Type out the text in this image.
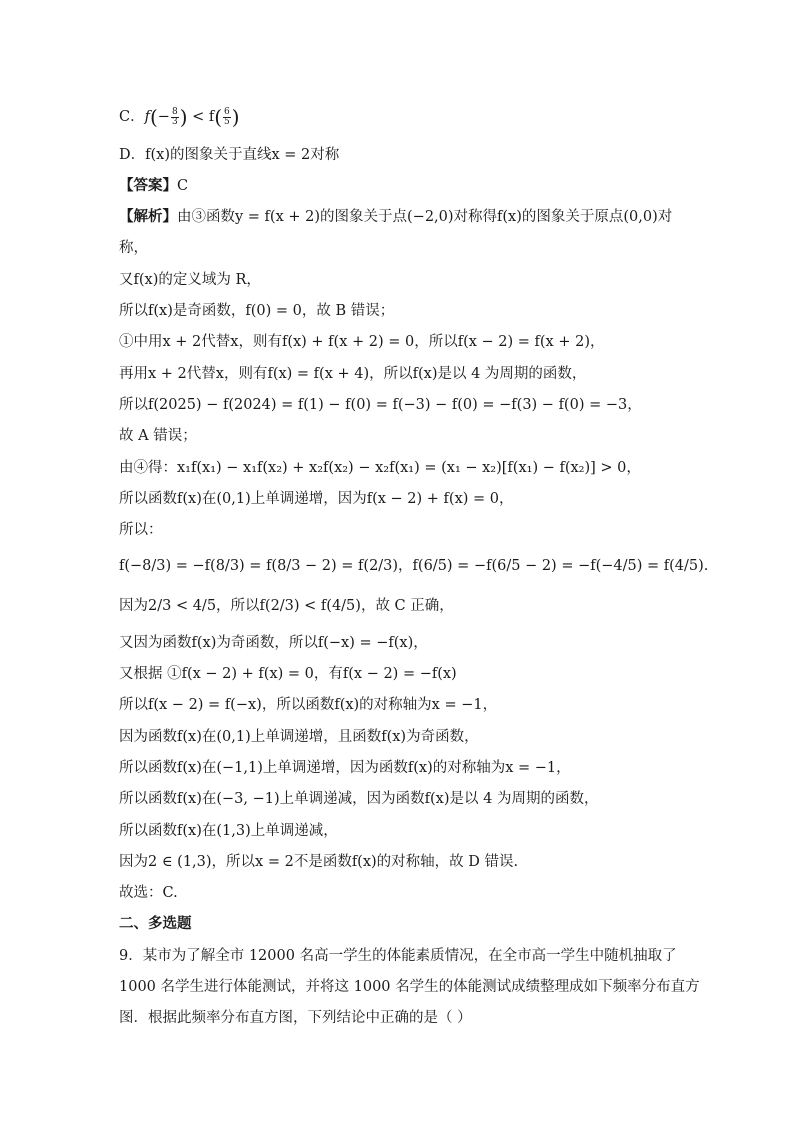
C．$f(- \frac{8}{3}$ ) < $f( \frac{6}{5}$ )
D．f(x)的图象关于直线x = 2对称
【答案】C
【解析】由③函数y = f(x + 2)的图象关于点(−2,0)对称得f(x)的图象关于原点(0,0)对
称，
又f(x)的定义域为 R，
所以f(x)是奇函数，f(0) = 0，故 B 错误；
①中用x + 2代替x，则有f(x) + f(x + 2) = 0，所以f(x − 2) = f(x + 2)，
再用x + 2代替x，则有f(x) = f(x + 4)，所以f(x)是以 4 为周期的函数，
所以f(2025) − f(2024) = f(1) − f(0) = f(−3) − f(0) = −f(3) − f(0) = −3，
故 A 错误；
由④得：x₁f(x₁) − x₁f(x₂) + x₂f(x₂) − x₂f(x₁) = (x₁ − x₂)[f(x₁) − f(x₂)] > 0，
所以函数f(x)在(0,1)上单调递增，因为f(x − 2) + f(x) = 0，
所以：
f(−8/3) = −f(8/3) = f(8/3 − 2) = f(2/3)，f(6/5) = −f(6/5 − 2) = −f(−4/5) = f(4/5).
因为2/3 < 4/5，所以f(2/3) < f(4/5)，故 C 正确，
又因为函数f(x)为奇函数，所以f(−x) = −f(x)，
又根据 ①f(x − 2) + f(x) = 0，有f(x − 2) = −f(x)
所以f(x − 2) = f(−x)，所以函数f(x)的对称轴为x = −1，
因为函数f(x)在(0,1)上单调递增，且函数f(x)为奇函数，
所以函数f(x)在(−1,1)上单调递增，因为函数f(x)的对称轴为x = −1，
所以函数f(x)在(−3, −1)上单调递减，因为函数f(x)是以 4 为周期的函数，
所以函数f(x)在(1,3)上单调递减，
因为2 ∈ (1,3)，所以x = 2不是函数f(x)的对称轴，故 D 错误.
故选：C.
二、多选题
9．某市为了解全市 12000 名高一学生的体能素质情况，在全市高一学生中随机抽取了
1000 名学生进行体能测试，并将这 1000 名学生的体能测试成绩整理成如下频率分布直方
图．根据此频率分布直方图，下列结论中正确的是（ ）
